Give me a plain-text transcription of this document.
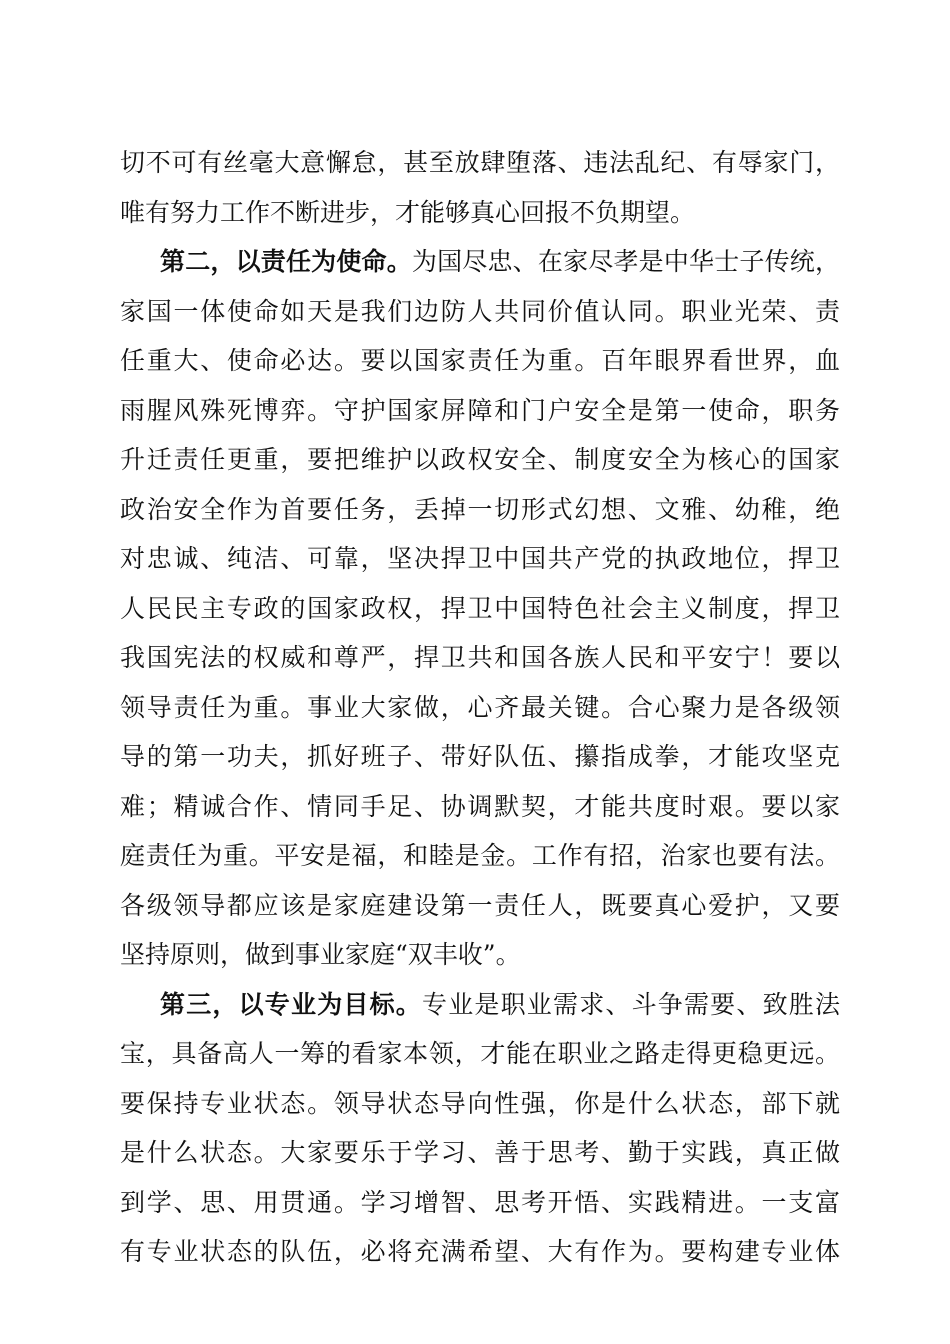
切不可有丝毫大意懈怠，甚至放肆堕落、违法乱纪、有辱家门，
唯有努力工作不断进步，才能够真心回报不负期望。
第二，以责任为使命。为国尽忠、在家尽孝是中华士子传统，
家国一体使命如天是我们边防人共同价值认同。职业光荣、责
任重大、使命必达。要以国家责任为重。百年眼界看世界，血
雨腥风殊死博弈。守护国家屏障和门户安全是第一使命，职务
升迁责任更重，要把维护以政权安全、制度安全为核心的国家
政治安全作为首要任务，丢掉一切形式幻想、文雅、幼稚，绝
对忠诚、纯洁、可靠，坚决捍卫中国共产党的执政地位，捍卫
人民民主专政的国家政权，捍卫中国特色社会主义制度，捍卫
我国宪法的权威和尊严，捍卫共和国各族人民和平安宁！要以
领导责任为重。事业大家做，心齐最关键。合心聚力是各级领
导的第一功夫，抓好班子、带好队伍、攥指成拳，才能攻坚克
难；精诚合作、情同手足、协调默契，才能共度时艰。要以家
庭责任为重。平安是福，和睦是金。工作有招，治家也要有法。
各级领导都应该是家庭建设第一责任人，既要真心爱护，又要
坚持原则，做到事业家庭“双丰收”。
第三，以专业为目标。专业是职业需求、斗争需要、致胜法
宝，具备高人一筹的看家本领，才能在职业之路走得更稳更远。
要保持专业状态。领导状态导向性强，你是什么状态，部下就
是什么状态。大家要乐于学习、善于思考、勤于实践，真正做
到学、思、用贯通。学习增智、思考开悟、实践精进。一支富
有专业状态的队伍，必将充满希望、大有作为。要构建专业体
